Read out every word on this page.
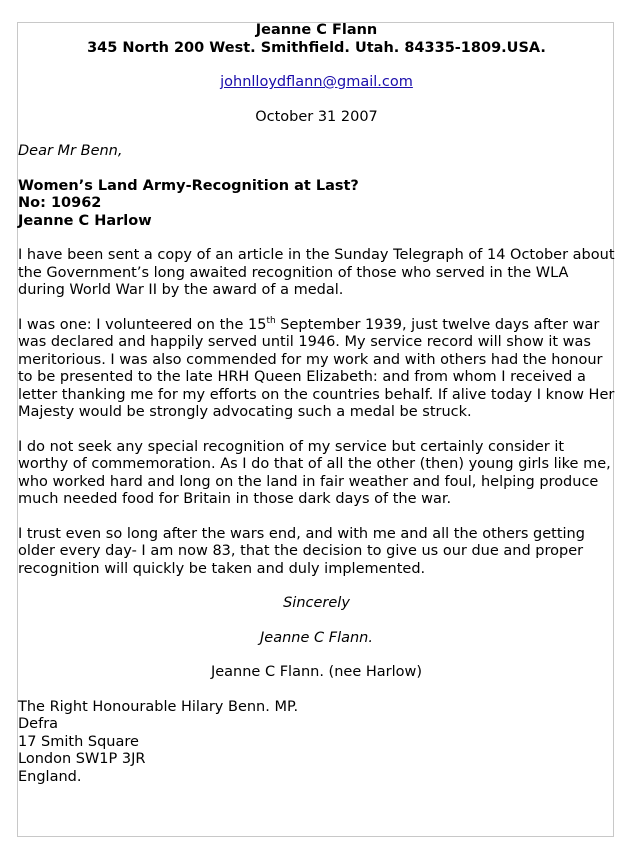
Jeanne C Flann

345 North 200 West. Smithfield. Utah. 84335-1809.USA.

johnlloydflann@gmail.com

October 31 2007

Dear Mr Benn,

Women’s Land Army-Recognition at Last?

No: 10962

Jeanne C Harlow

I have been sent a copy of an article in the Sunday Telegraph of 14 October about the Government’s long awaited recognition of those who served in the WLA during World War II by the award of a medal.

I was one: I volunteered on the 15th September 1939, just twelve days after war was declared and happily served until 1946. My service record will show it was meritorious. I was also commended for my work and with others had the honour to be presented to the late HRH Queen Elizabeth: and from whom I received a letter thanking me for my efforts on the countries behalf. If alive today I know Her Majesty would be strongly advocating such a medal be struck.

I do not seek any special recognition of my service but certainly consider it worthy of commemoration. As I do that of all the other (then) young girls like me, who worked hard and long on the land in fair weather and foul, helping produce much needed food for Britain in those dark days of the war.

I trust even so long after the wars end, and with me and all the others getting older every day- I am now 83, that the decision to give us our due and proper recognition will quickly be taken and duly implemented.

Sincerely

Jeanne C Flann.

Jeanne C Flann. (nee Harlow)

The Right Honourable Hilary Benn. MP.

Defra

17 Smith Square

London SW1P 3JR

England.
